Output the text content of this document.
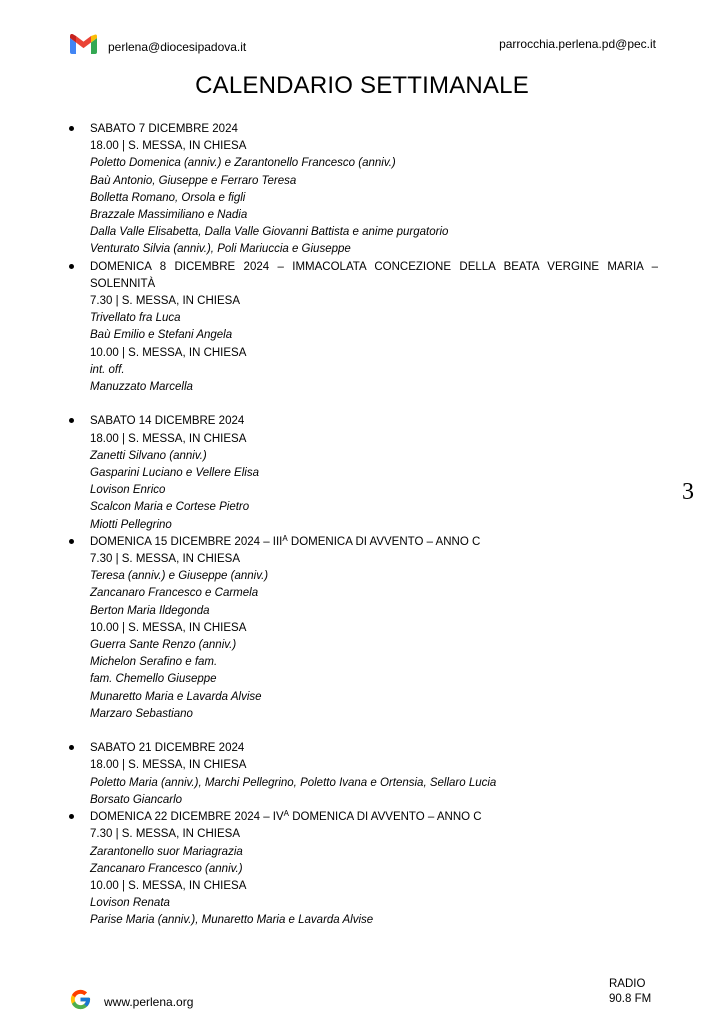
perlena@diocesipadova.it	parrocchia.perlena.pd@pec.it
CALENDARIO SETTIMANALE
SABATO 7 DICEMBRE 2024
18.00 | S. MESSA, IN CHIESA
Poletto Domenica (anniv.) e Zarantonello Francesco (anniv.)
Baù Antonio, Giuseppe e Ferraro Teresa
Bolletta Romano, Orsola e figli
Brazzale Massimiliano e Nadia
Dalla Valle Elisabetta, Dalla Valle Giovanni Battista e anime purgatorio
Venturato Silvia (anniv.), Poli Mariuccia e Giuseppe
DOMENICA 8 DICEMBRE 2024 – IMMACOLATA CONCEZIONE DELLA BEATA VERGINE MARIA – SOLENNITÀ
7.30 | S. MESSA, IN CHIESA
Trivellato fra Luca
Baù Emilio e Stefani Angela
10.00 | S. MESSA, IN CHIESA
int. off.
Manuzzato Marcella
SABATO 14 DICEMBRE 2024
18.00 | S. MESSA, IN CHIESA
Zanetti Silvano (anniv.)
Gasparini Luciano e Vellere Elisa
Lovison Enrico
Scalcon Maria e Cortese Pietro
Miotti Pellegrino
DOMENICA 15 DICEMBRE $2024 - III^A$ DOMENICA DI AVVENTO – ANNO C
7.30 | S. MESSA, IN CHIESA
Teresa (anniv.) e Giuseppe (anniv.)
Zancanaro Francesco e Carmela
Berton Maria Ildegonda
10.00 | S. MESSA, IN CHIESA
Guerra Sante Renzo (anniv.)
Michelon Serafino e fam.
fam. Chemello Giuseppe
Munaretto Maria e Lavarda Alvise
Marzaro Sebastiano
SABATO 21 DICEMBRE 2024
18.00 | S. MESSA, IN CHIESA
Poletto Maria (anniv.), Marchi Pellegrino, Poletto Ivana e Ortensia, Sellaro Lucia
Borsato Giancarlo
DOMENICA 22 DICEMBRE $2024 - IV^A$ DOMENICA DI AVVENTO – ANNO C
7.30 | S. MESSA, IN CHIESA
Zarantonello suor Mariagrazia
Zancanaro Francesco (anniv.)
10.00 | S. MESSA, IN CHIESA
Lovison Renata
Parise Maria (anniv.), Munaretto Maria e Lavarda Alvise
3
www.perlena.org
RADIO
90.8 FM
